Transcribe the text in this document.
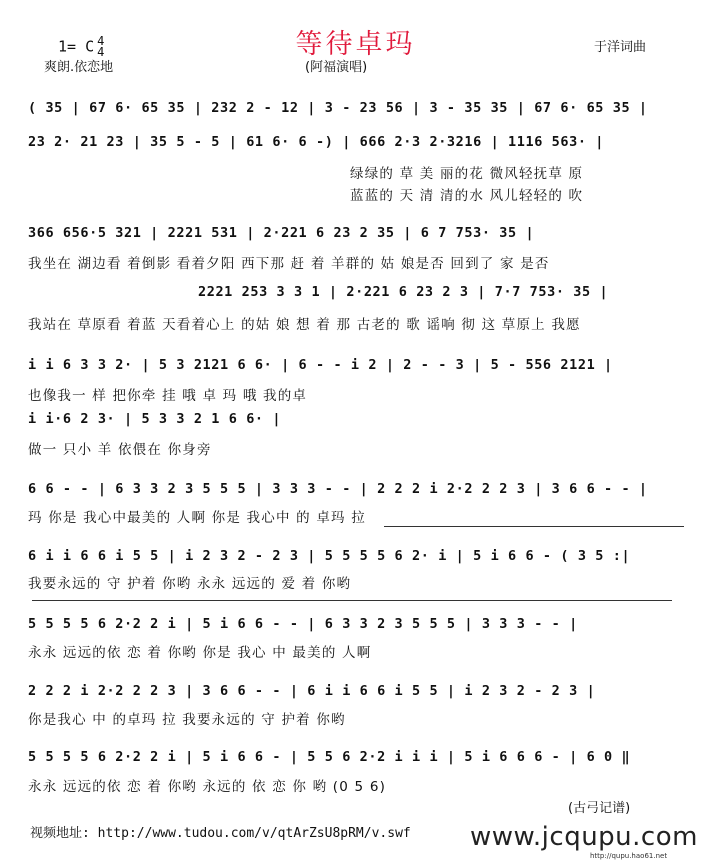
等待卓玛
1= C 4
4
爽朗.依恋地
于洋词曲
(阿福演唱)
( 35 | 67 6· 65 35 | 232 2 - 12 | 3 - 23 56 | 3 - 35 35 | 67 6· 65 35 |
23 2· 21 23 | 35 5 - 5 | 61 6· 6 -) | 666 2·3 2·3216 | 1116 563· |
绿绿的 草 美 丽的花 微风轻抚草 原
蓝蓝的 天 清 清的水 风儿轻轻的 吹
366 656·5 321 | 2221 531 | 2·221 6 23 2 35 | 6 7 753· 35 |
我坐在 湖边看 着倒影 看着夕阳 西下那 赶 着 羊群的 姑 娘是否 回到了 家 是否
2221 253 3 3 1 | 2·221 6 23 2 3 | 7·7 753· 35 |
我站在 草原看 着蓝 天看着心上 的姑 娘 想 着 那 古老的 歌 谣响 彻 这 草原上 我愿
i i 6 3 3 2· | 5 3 2121 6 6· | 6 - - i 2 | 2 - - 3 | 5 - 556 2121 |
也像我一 样 把你牵 挂 哦 卓 玛 哦 我的卓
i i·6 2 3· | 5 3 3 2 1 6 6· |
做一 只小 羊 依偎在 你身旁
6 6 - - | 6 3 3 2 3 5 5 5 | 3 3 3 - - | 2 2 2 i 2·2 2 2 3 | 3 6 6 - - |
玛 你是 我心中最美的 人啊 你是 我心中 的 卓玛 拉
6 i i 6 6 i 5 5 | i 2 3 2 - 2 3 | 5 5 5 5 6 2· i | 5 i 6 6 - ( 3 5 :|
我要永远的 守 护着 你哟 永永 远远的 爱 着 你哟
5 5 5 5 6 2·2 2 i | 5 i 6 6 - - | 6 3 3 2 3 5 5 5 | 3 3 3 - - |
永永 远远的依 恋 着 你哟 你是 我心 中 最美的 人啊
2 2 2 i 2·2 2 2 3 | 3 6 6 - - | 6 i i 6 6 i 5 5 | i 2 3 2 - 2 3 |
你是我心 中 的卓玛 拉 我要永远的 守 护着 你哟
5 5 5 5 6 2·2 2 i | 5 i 6 6 - | 5 5 6 2·2 i i i | 5 i 6 6 6 - | 6 0 ‖
永永 远远的依 恋 着 你哟 永远的 依 恋 你 哟 (0 5 6)
(古弓记谱)
视频地址: http://www.tudou.com/v/qtArZsU8pRM/v.swf www.jcqupu.com
http://qupu.hao61.net
